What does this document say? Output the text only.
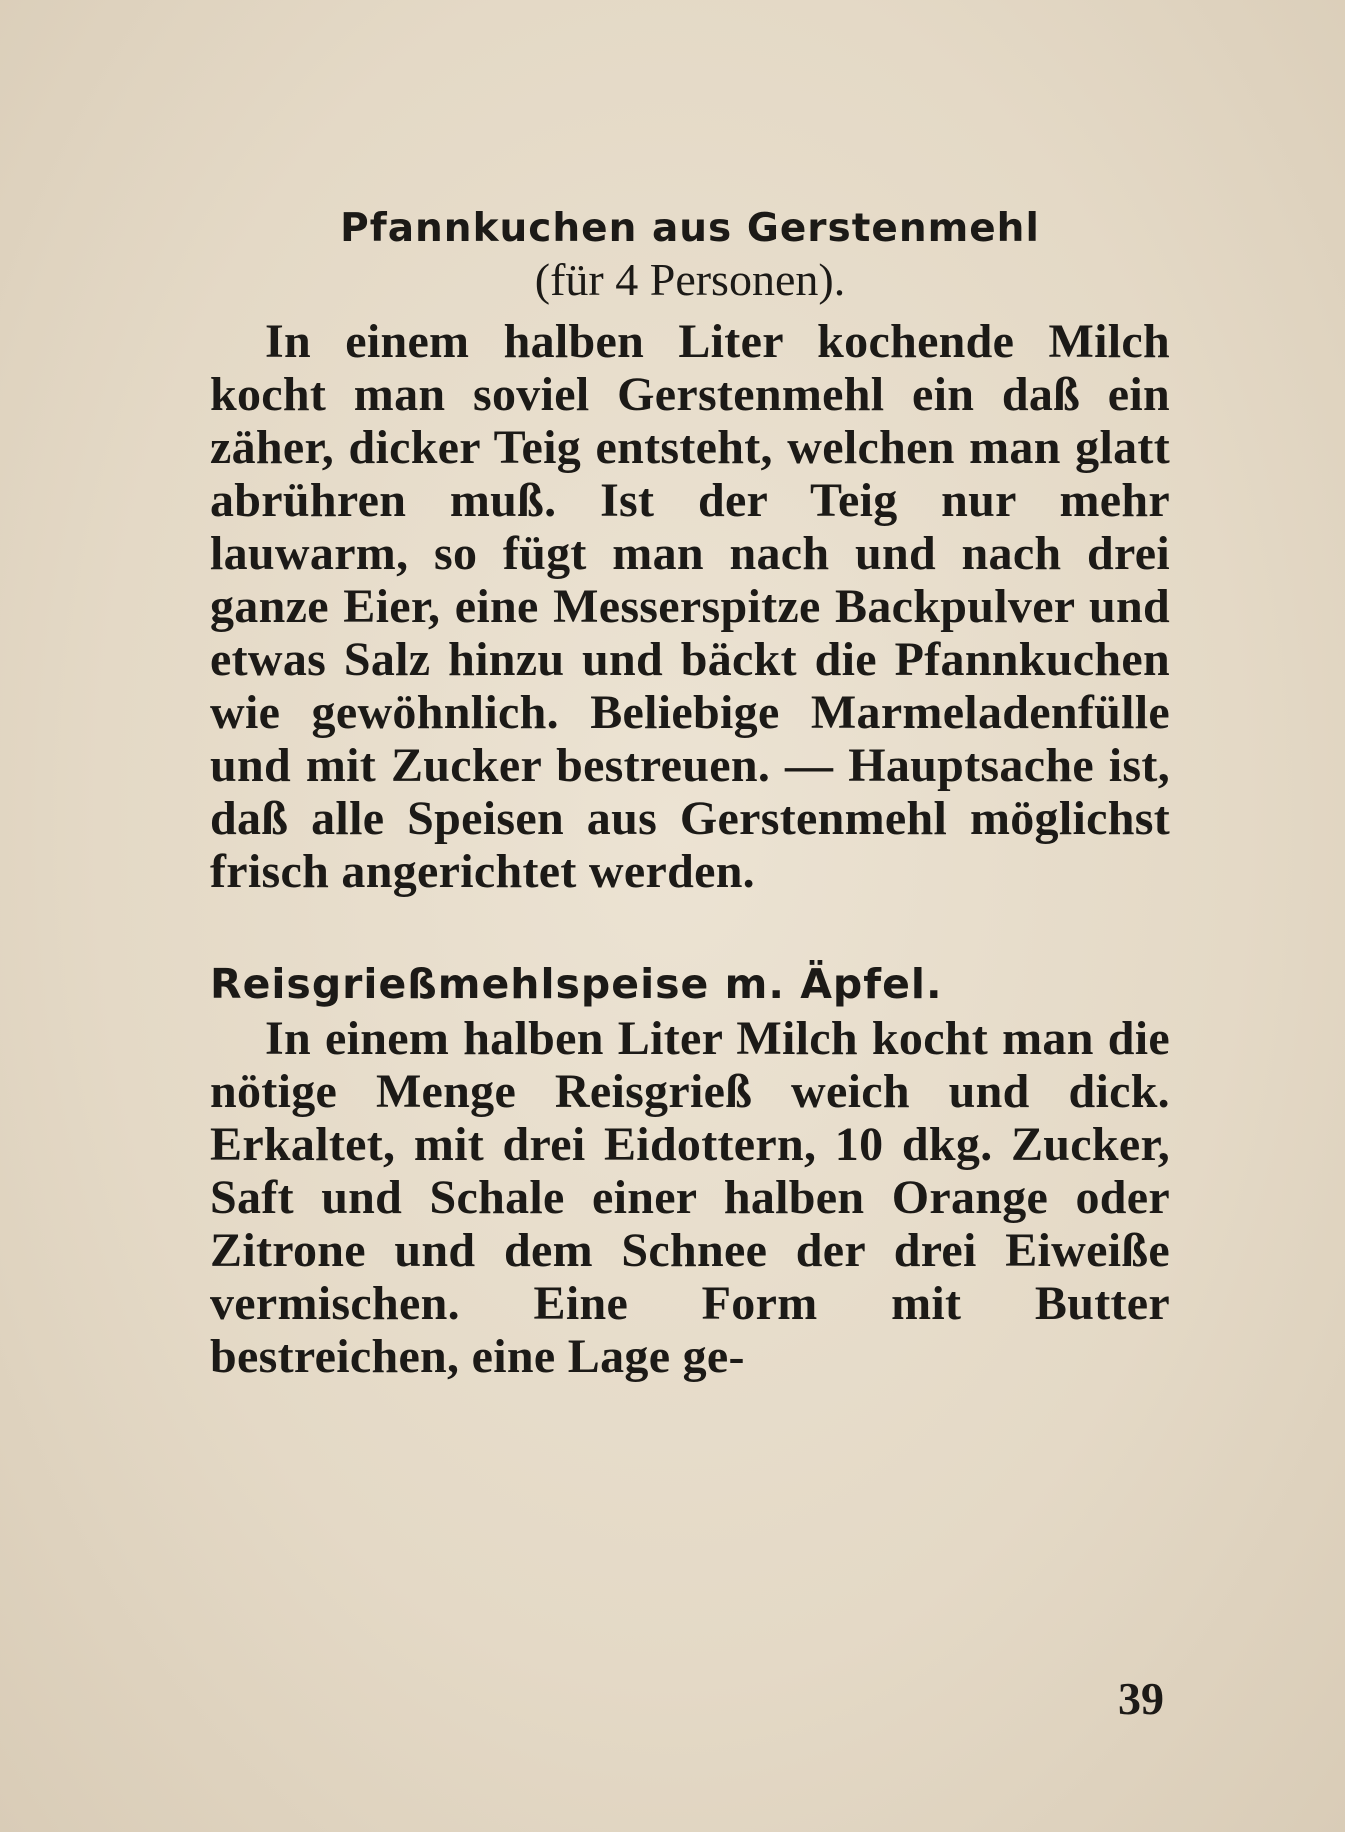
Pfannkuchen aus Gerstenmehl

(für 4 Personen).

In einem halben Liter kochende Milch kocht man soviel Gerstenmehl ein daß ein zäher, dicker Teig entsteht, welchen man glatt abrühren muß. Ist der Teig nur mehr lauwarm, so fügt man nach und nach drei ganze Eier, eine Messerspitze Backpulver und etwas Salz hinzu und bäckt die Pfannkuchen wie gewöhnlich. Beliebige Marmeladenfülle und mit Zucker bestreuen. — Hauptsache ist, daß alle Speisen aus Gerstenmehl möglichst frisch angerichtet werden.

Reisgrießmehlspeise m. Äpfel.

In einem halben Liter Milch kocht man die nötige Menge Reisgrieß weich und dick. Erkaltet, mit drei Eidottern, 10 dkg. Zucker, Saft und Schale einer halben Orange oder Zitrone und dem Schnee der drei Eiweiße vermischen. Eine Form mit Butter bestreichen, eine Lage ge-

39
